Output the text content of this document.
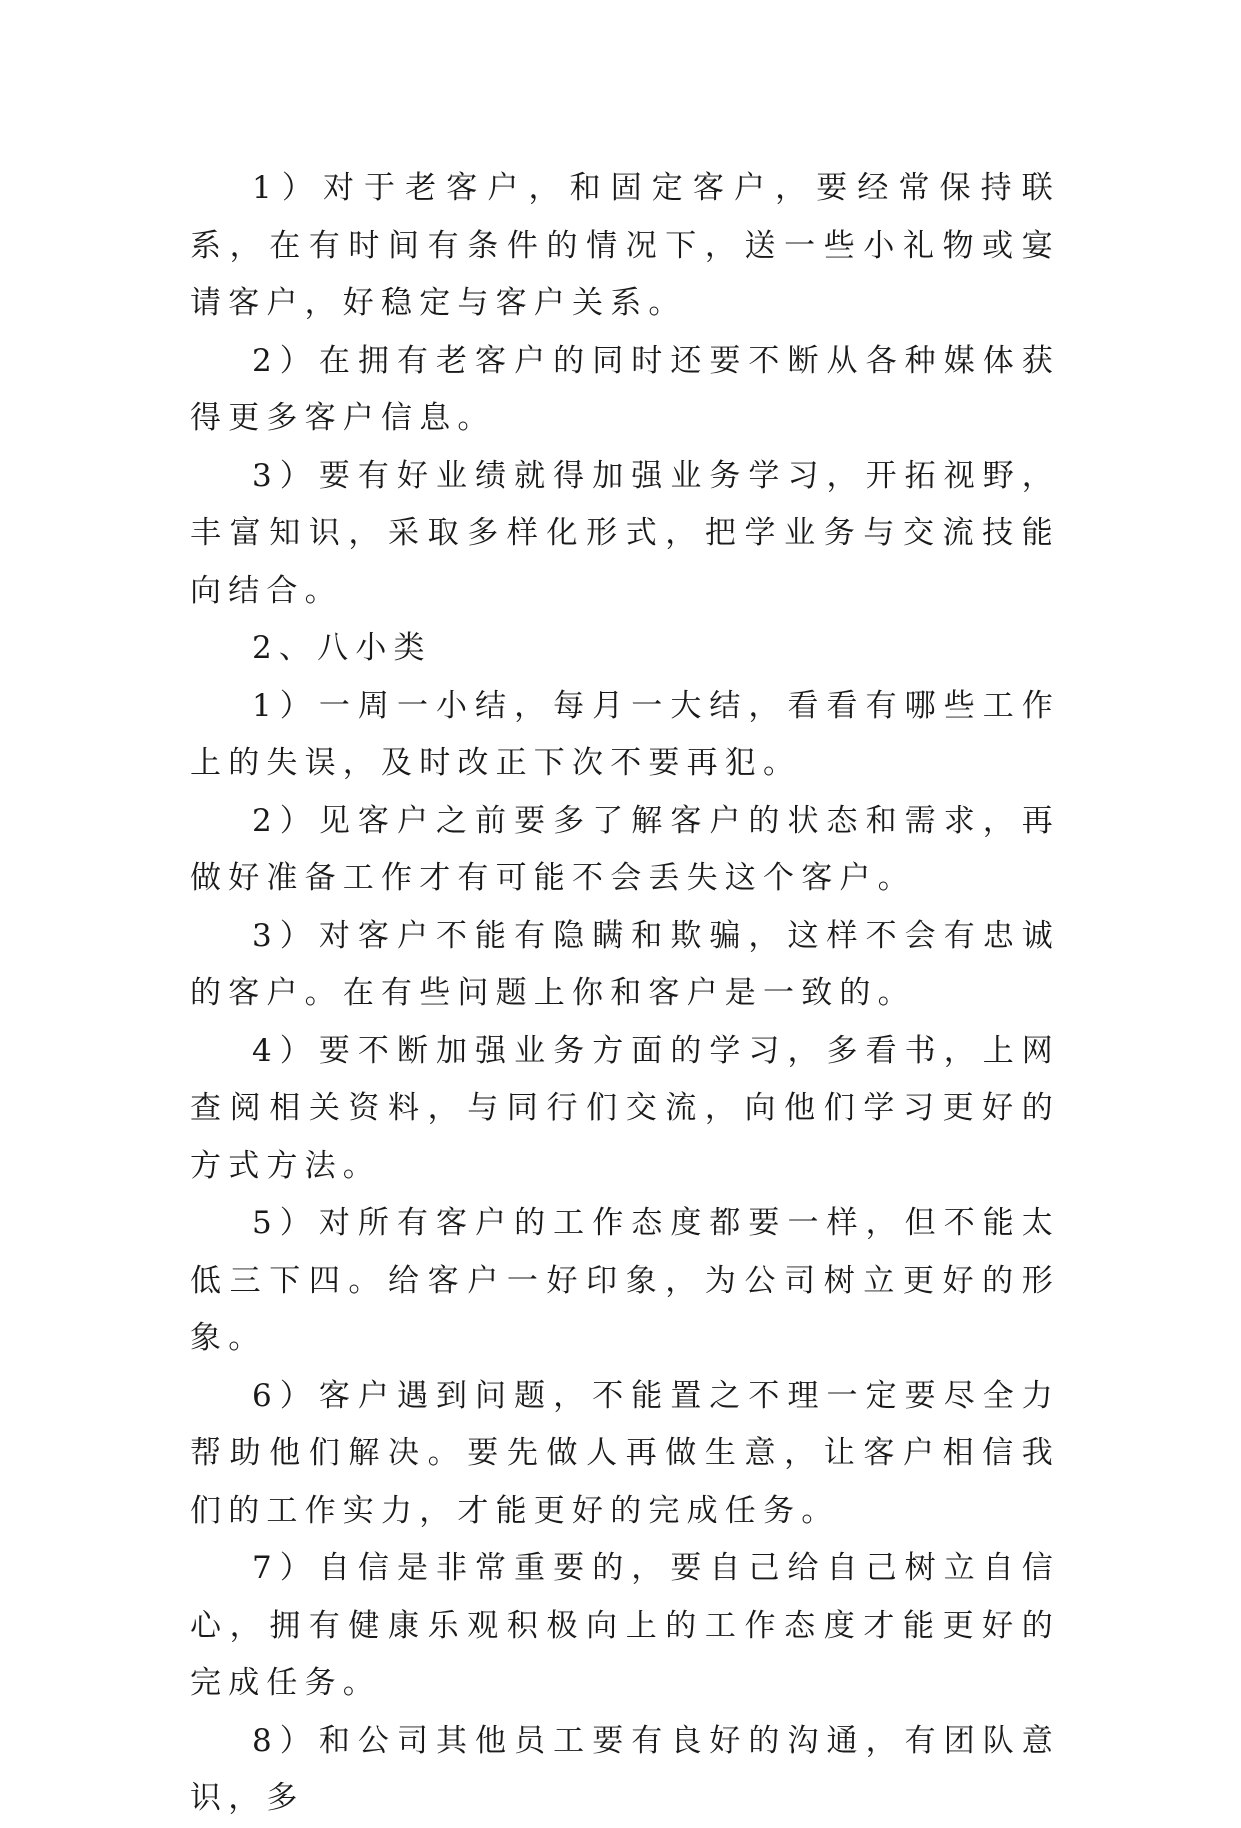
1）对于老客户，和固定客户，要经常保持联系，在有时间有条件的情况下，送一些小礼物或宴请客户，好稳定与客户关系。

2）在拥有老客户的同时还要不断从各种媒体获得更多客户信息。

3）要有好业绩就得加强业务学习，开拓视野，丰富知识，采取多样化形式，把学业务与交流技能向结合。

2、八小类

1）一周一小结，每月一大结，看看有哪些工作上的失误，及时改正下次不要再犯。

2）见客户之前要多了解客户的状态和需求，再做好准备工作才有可能不会丢失这个客户。

3）对客户不能有隐瞒和欺骗，这样不会有忠诚的客户。在有些问题上你和客户是一致的。

4）要不断加强业务方面的学习，多看书，上网查阅相关资料，与同行们交流，向他们学习更好的方式方法。

5）对所有客户的工作态度都要一样，但不能太低三下四。给客户一好印象，为公司树立更好的形象。

6）客户遇到问题，不能置之不理一定要尽全力帮助他们解决。要先做人再做生意，让客户相信我们的工作实力，才能更好的完成任务。

7）自信是非常重要的，要自己给自己树立自信心，拥有健康乐观积极向上的工作态度才能更好的完成任务。

8）和公司其他员工要有良好的沟通，有团队意识，多
